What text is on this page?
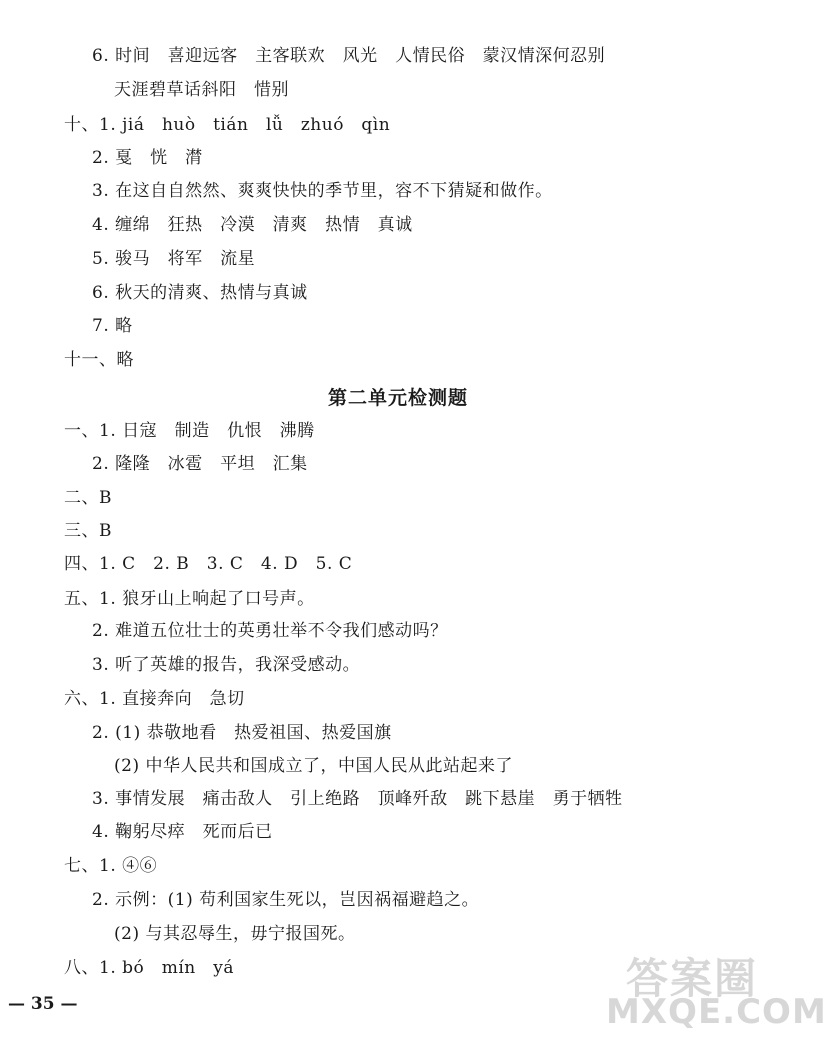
6. 时间　喜迎远客　主客联欢　风光　人情民俗　蒙汉情深何忍别
天涯碧草话斜阳　惜别
十、1. jiá　huò　tián　lǚ　zhuó　qìn
2. 戛　恍　潸
3. 在这自自然然、爽爽快快的季节里，容不下猜疑和做作。
4. 缠绵　狂热　冷漠　清爽　热情　真诚
5. 骏马　将军　流星
6. 秋天的清爽、热情与真诚
7. 略
十一、略
第二单元检测题
一、1. 日寇　制造　仇恨　沸腾
2. 隆隆　冰雹　平坦　汇集
二、B
三、B
四、1. C　2. B　3. C　4. D　5. C
五、1. 狼牙山上响起了口号声。
2. 难道五位壮士的英勇壮举不令我们感动吗？
3. 听了英雄的报告，我深受感动。
六、1. 直接奔向　急切
2. (1) 恭敬地看　热爱祖国、热爱国旗
(2) 中华人民共和国成立了，中国人民从此站起来了
3. 事情发展　痛击敌人　引上绝路　顶峰歼敌　跳下悬崖　勇于牺牲
4. 鞠躬尽瘁　死而后已
七、1. ④⑥
2. 示例：(1) 苟利国家生死以，岂因祸福避趋之。
(2) 与其忍辱生，毋宁报国死。
八、1. bó　mín　yá
— 35 —
答案圈
MXQE.COM
